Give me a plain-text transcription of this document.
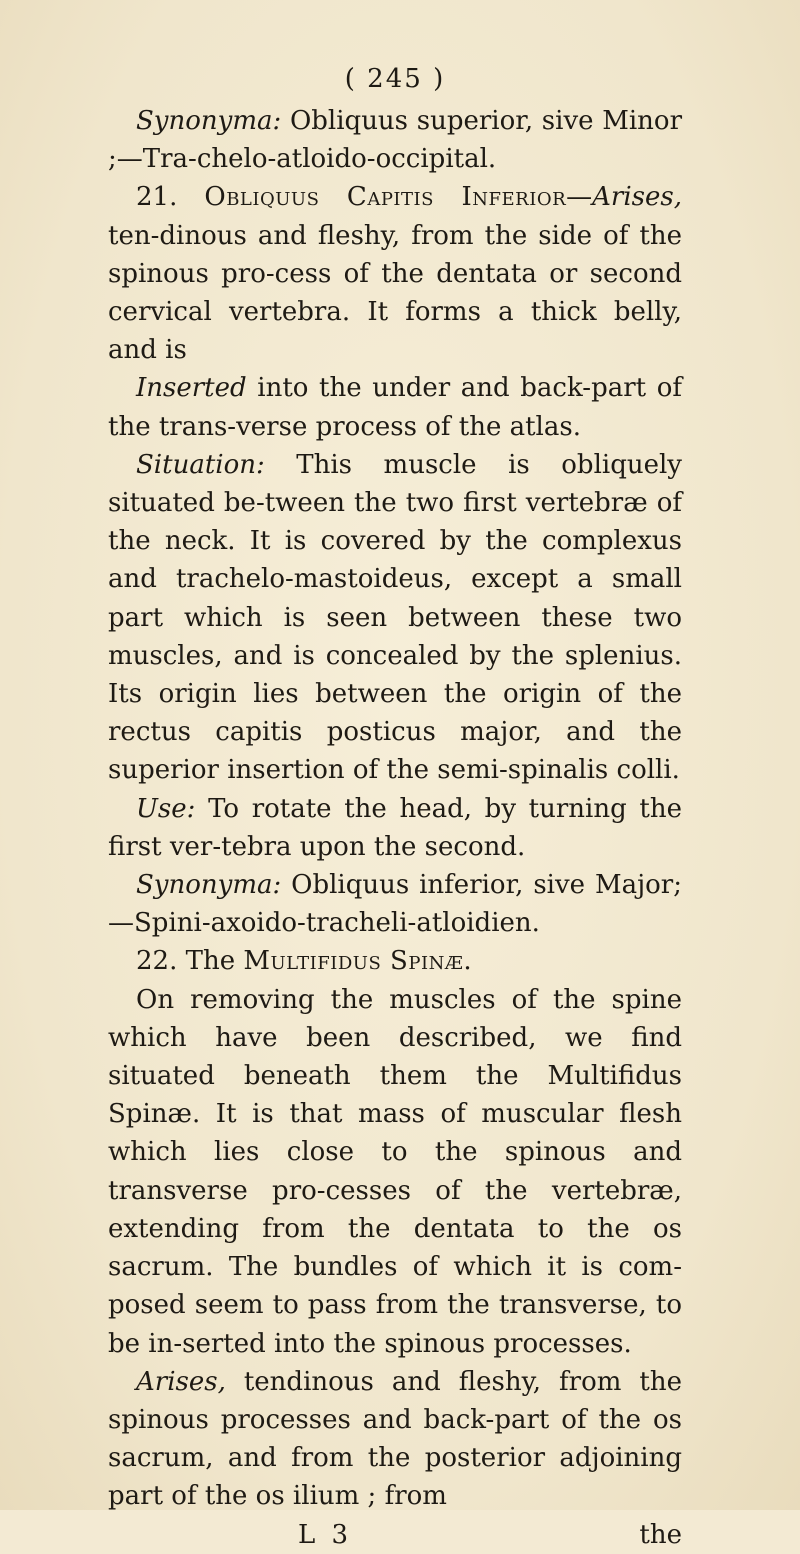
( 245 )

Synonyma: Obliquus superior, sive Minor ;—Tra-chelo-atloido-occipital.

21. Obliquus Capitis Inferior—Arises, ten-dinous and fleshy, from the side of the spinous pro-cess of the dentata or second cervical vertebra. It forms a thick belly, and is

Inserted into the under and back-part of the trans-verse process of the atlas.

Situation: This muscle is obliquely situated be-tween the two first vertebræ of the neck. It is covered by the complexus and trachelo-mastoideus, except a small part which is seen between these two muscles, and is concealed by the splenius. Its origin lies between the origin of the rectus capitis posticus major, and the superior insertion of the semi-spinalis colli.

Use: To rotate the head, by turning the first ver-tebra upon the second.

Synonyma: Obliquus inferior, sive Major;—Spini-axoido-tracheli-atloidien.

22. The Multifidus Spinæ.

On removing the muscles of the spine which have been described, we find situated beneath them the Multifidus Spinæ. It is that mass of muscular flesh which lies close to the spinous and transverse pro-cesses of the vertebræ, extending from the dentata to the os sacrum. The bundles of which it is com-posed seem to pass from the transverse, to be in-serted into the spinous processes.

Arises, tendinous and fleshy, from the spinous processes and back-part of the os sacrum, and from the posterior adjoining part of the os ilium ; from

L 3	the
